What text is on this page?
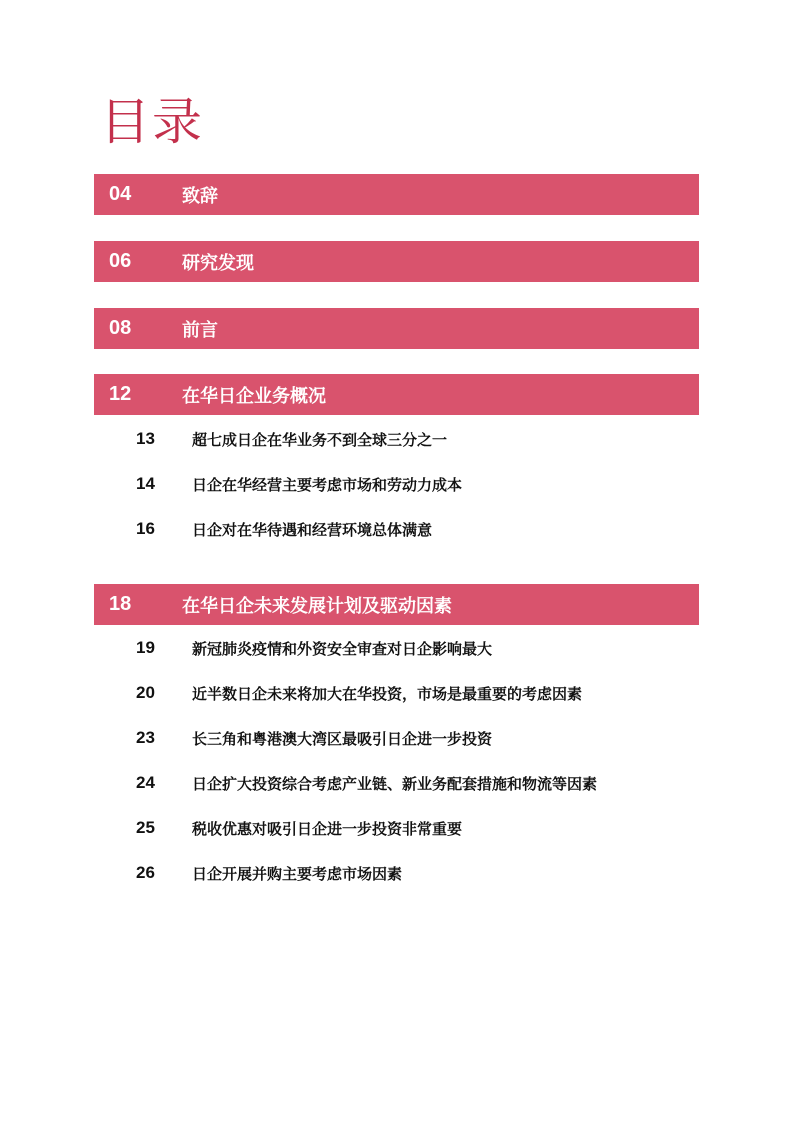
目录
04	致辞
06	研究发现
08	前言
12	在华日企业务概况
13 超七成日企在华业务不到全球三分之一
14 日企在华经营主要考虑市场和劳动力成本
16 日企对在华待遇和经营环境总体满意
18	在华日企未来发展计划及驱动因素
19 新冠肺炎疫情和外资安全审查对日企影响最大
20 近半数日企未来将加大在华投资，市场是最重要的考虑因素
23 长三角和粤港澳大湾区最吸引日企进一步投资
24 日企扩大投资综合考虑产业链、新业务配套措施和物流等因素
25 税收优惠对吸引日企进一步投资非常重要
26 日企开展并购主要考虑市场因素
